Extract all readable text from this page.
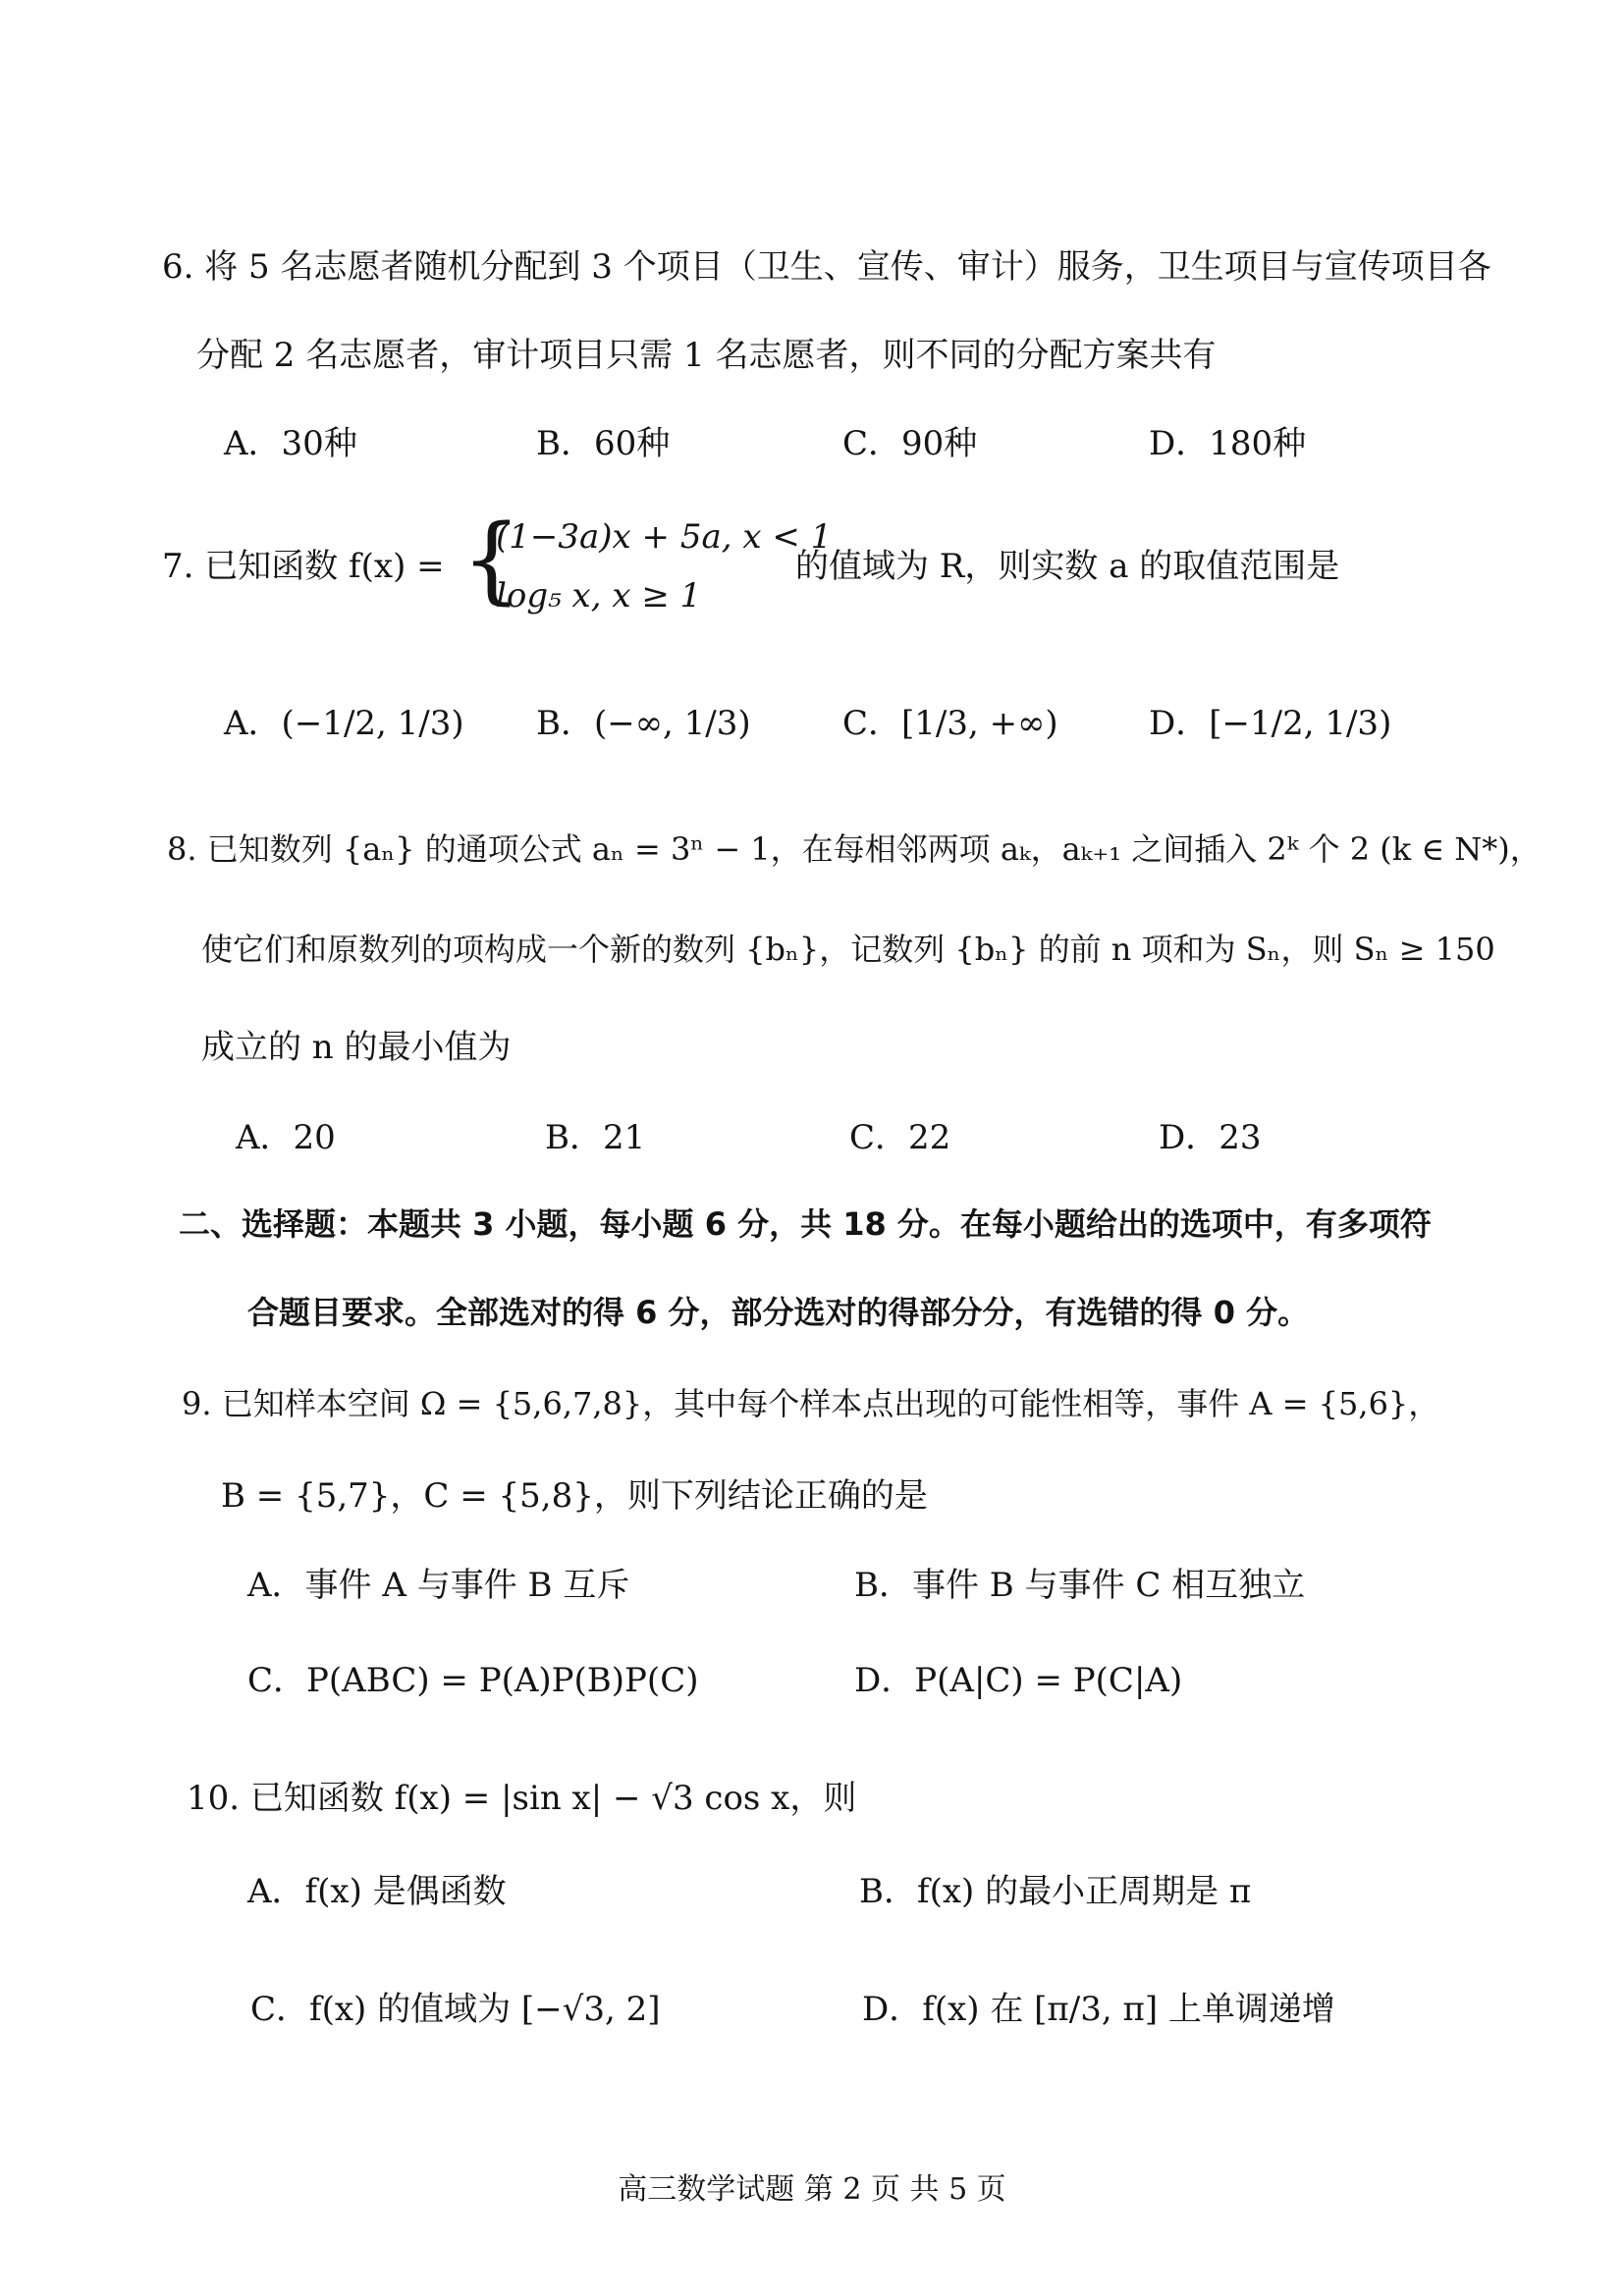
6. 将 5 名志愿者随机分配到 3 个项目（卫生、宣传、审计）服务，卫生项目与宣传项目各
分配 2 名志愿者，审计项目只需 1 名志愿者，则不同的分配方案共有
A．30种	B．60种	C．90种	D．180种
7. 已知函数 f(x) = {
(1−3a)x + 5a, x < 1
log₅ x, x ≥ 1
的值域为 R，则实数 a 的取值范围是
A．(−1/2, 1/3) B．(−∞, 1/3)	C．[1/3, +∞)	D．[−1/2, 1/3)
8. 已知数列 {aₙ} 的通项公式 aₙ = 3ⁿ − 1，在每相邻两项 aₖ，aₖ₊₁ 之间插入 2ᵏ 个 2 (k ∈ N*)，
使它们和原数列的项构成一个新的数列 {bₙ}，记数列 {bₙ} 的前 n 项和为 Sₙ，则 Sₙ ≥ 150
成立的 n 的最小值为
A．20	B．21	C．22	D．23
二、选择题：本题共 3 小题，每小题 6 分，共 18 分。在每小题给出的选项中，有多项符
合题目要求。全部选对的得 6 分，部分选对的得部分分，有选错的得 0 分。
9. 已知样本空间 Ω = {5,6,7,8}，其中每个样本点出现的可能性相等，事件 A = {5,6}，
B = {5,7}，C = {5,8}，则下列结论正确的是
A．事件 A 与事件 B 互斥	B．事件 B 与事件 C 相互独立
C．P(ABC) = P(A)P(B)P(C)	D．P(A|C) = P(C|A)
10. 已知函数 f(x) = |sin x| − √3 cos x，则
A．f(x) 是偶函数	B．f(x) 的最小正周期是 π
C．f(x) 的值域为 [−√3, 2]	D．f(x) 在 [π/3, π] 上单调递增
高三数学试题 第 2 页 共 5 页
